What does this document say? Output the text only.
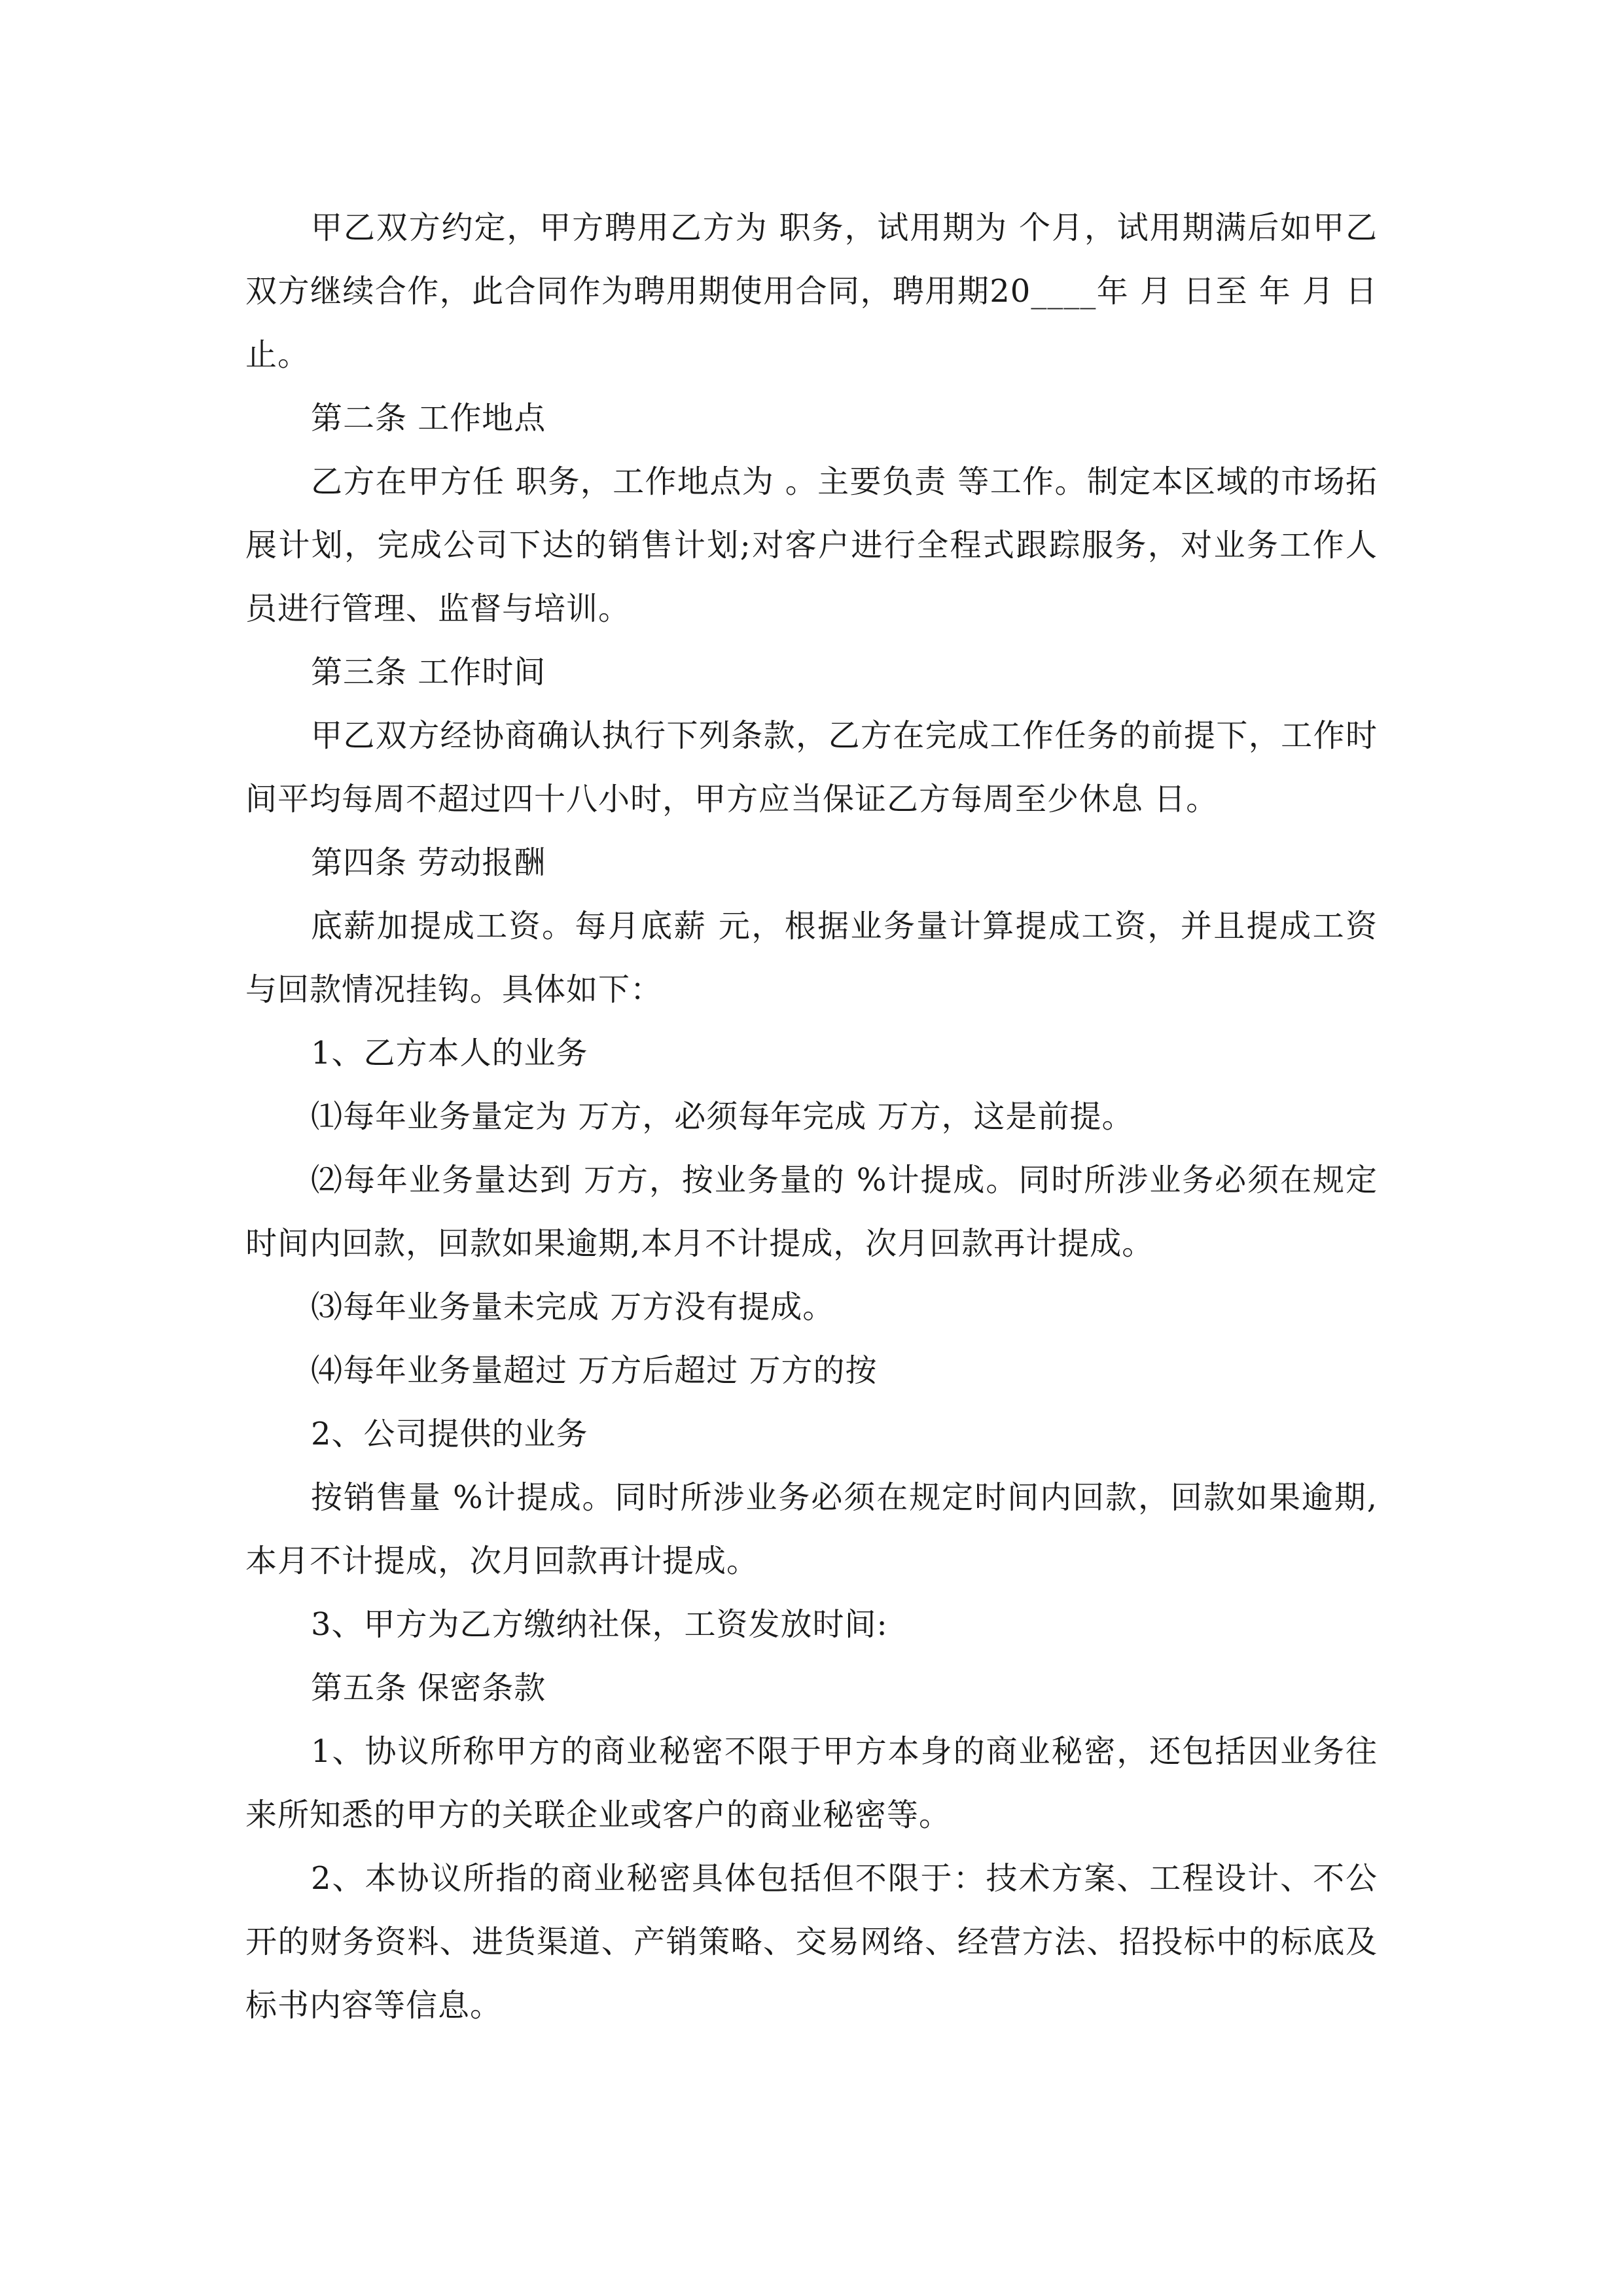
甲乙双方约定，甲方聘用乙方为 职务，试用期为 个月，试用期满后如甲乙双方继续合作，此合同作为聘用期使用合同，聘用期20____年 月 日至 年 月 日止。

第二条 工作地点

乙方在甲方任 职务，工作地点为 。主要负责 等工作。制定本区域的市场拓展计划，完成公司下达的销售计划;对客户进行全程式跟踪服务，对业务工作人员进行管理、监督与培训。

第三条 工作时间

甲乙双方经协商确认执行下列条款，乙方在完成工作任务的前提下，工作时间平均每周不超过四十八小时，甲方应当保证乙方每周至少休息 日。

第四条 劳动报酬

底薪加提成工资。每月底薪 元，根据业务量计算提成工资，并且提成工资与回款情况挂钩。具体如下：

1、乙方本人的业务

⑴每年业务量定为 万方，必须每年完成 万方，这是前提。

⑵每年业务量达到 万方，按业务量的 %计提成。同时所涉业务必须在规定时间内回款，回款如果逾期,本月不计提成，次月回款再计提成。

⑶每年业务量未完成 万方没有提成。

⑷每年业务量超过 万方后超过 万方的按

2、公司提供的业务

按销售量 %计提成。同时所涉业务必须在规定时间内回款，回款如果逾期,本月不计提成，次月回款再计提成。

3、甲方为乙方缴纳社保，工资发放时间:

第五条 保密条款

1、协议所称甲方的商业秘密不限于甲方本身的商业秘密，还包括因业务往来所知悉的甲方的关联企业或客户的商业秘密等。

2、本协议所指的商业秘密具体包括但不限于：技术方案、工程设计、不公开的财务资料、进货渠道、产销策略、交易网络、经营方法、招投标中的标底及标书内容等信息。
